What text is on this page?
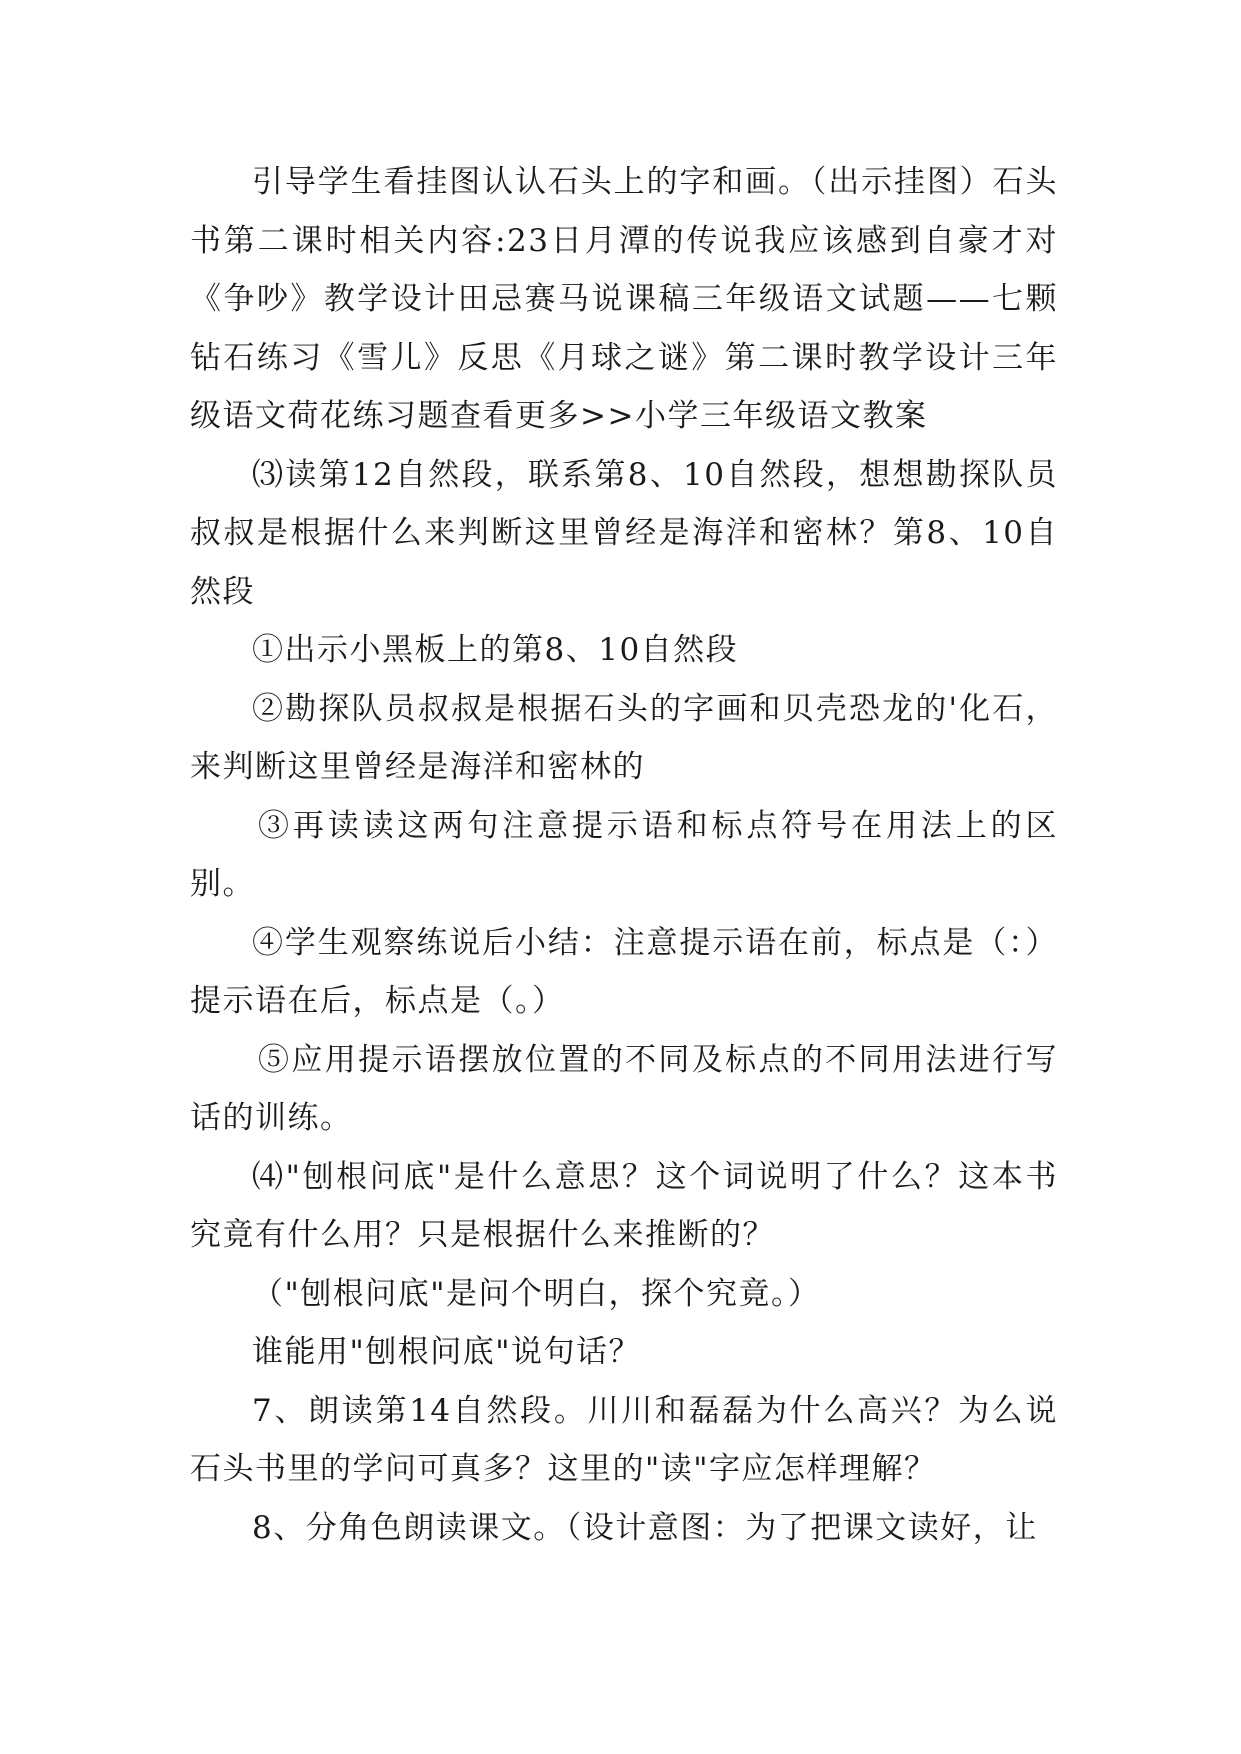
引导学生看挂图认认石头上的字和画。（出示挂图）石头书第二课时相关内容:23日月潭的传说我应该感到自豪才对《争吵》教学设计田忌赛马说课稿三年级语文试题——七颗钻石练习《雪儿》反思《月球之谜》第二课时教学设计三年级语文荷花练习题查看更多>>小学三年级语文教案

⑶读第12自然段，联系第8、10自然段，想想勘探队员叔叔是根据什么来判断这里曾经是海洋和密林？第8、10自然段

①出示小黑板上的第8、10自然段

②勘探队员叔叔是根据石头的字画和贝壳恐龙的'化石，来判断这里曾经是海洋和密林的

③再读读这两句注意提示语和标点符号在用法上的区别。

④学生观察练说后小结：注意提示语在前，标点是（：）提示语在后，标点是（。）

⑤应用提示语摆放位置的不同及标点的不同用法进行写话的训练。

⑷"刨根问底"是什么意思？这个词说明了什么？这本书究竟有什么用？只是根据什么来推断的？

（"刨根问底"是问个明白，探个究竟。）

谁能用"刨根问底"说句话？

7、朗读第14自然段。川川和磊磊为什么高兴？为么说石头书里的学问可真多？这里的"读"字应怎样理解？

8、分角色朗读课文。（设计意图：为了把课文读好，让
